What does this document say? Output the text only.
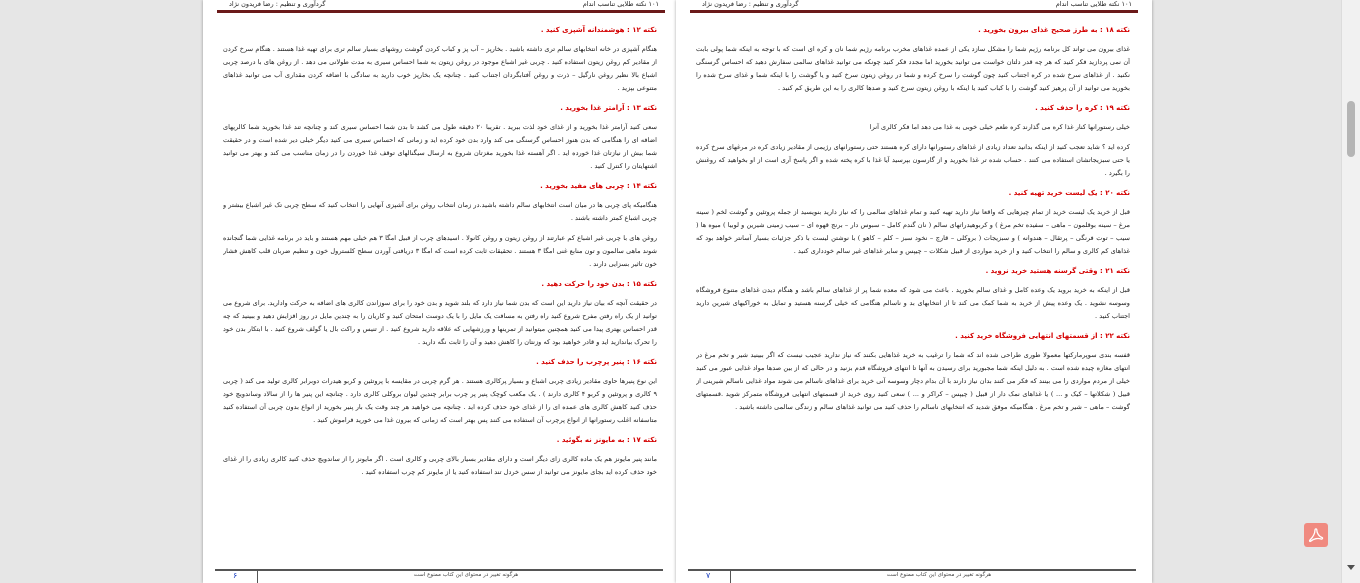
۱۰۱ نکته طلایی تناسب اندام
گردآوری و تنظیم : رضا فریدون نژاد
نکته ۱۲ : هوشمندانه آشپزی کنید .

هنگام آشپزی در خانه انتخابهای سالم تری داشته باشید . بخارپز – آب پز و کباب کردن گوشت روشهای بسیار سالم تری برای تهیه غذا هستند . هنگام سرخ کردن از مقادیر کم روغن زیتون استفاده کنید . چربی غیر اشباع موجود در روغن زیتون به شما احساس سیری به مدت طولانی می دهد . از روغن های با درصد چربی اشباع بالا نظیر روغن نارگیل – ذرت و روغن آفتابگردان اجتناب کنید . چنانچه یک بخارپز خوب دارید به سادگی با اضافه کردن مقداری آب می توانید غذاهای متنوعی بپزید .

نکته ۱۳ : آرامتر غذا بخورید .

سعی کنید آرامتر غذا بخورید و از غذای خود لذت ببرید . تقریبا ۲۰ دقیقه طول می کشد تا بدن شما احساس سیری کند و چنانچه تند غذا بخورید شما کالریهای اضافه ای را هنگامی که بدن هنوز احساس گرسنگی می کند وارد بدن خود کرده اید و زمانی که احساس سیری می کنید دیگر خیلی دیر شده است و در حقیقت شما بیش از نیازتان غذا خورده اید . اگر آهسته غذا بخورید مغزتان شروع به ارسال سیگنالهای توقف غذا خوردن را در زمان مناسب می کند و بهتر می توانید اشتهایتان را کنترل کنید .

نکته ۱۴ : چربی های مفید بخورید .

هنگامیکه پای چربی ها در میان است انتخابهای سالم داشته باشید.در زمان انتخاب روغن برای آشپزی آنهایی را انتخاب کنید که سطح چربی تک غیر اشباع بیشتر و چربی اشباع کمتر داشته باشند .

روغن های با چربی غیر اشباع کم عبارتند از روغن زیتون و روغن کانولا . اسیدهای چرب از قبیل امگا ۳ هم خیلی مهم هستند و باید در برنامه غذایی شما گنجانده شوند ماهی سالمون و تون منابع غنی امگا ۳ هستند . تحقیقات ثابت کرده است که امگا ۳ دریافتی آوردن سطح کلسترول خون و تنظیم ضربان قلب کاهش فشار خون تاثیر بسزایی دارند .

نکته ۱۵ : بدن خود را حرکت دهید .

در حقیقت آنچه که بیان نیاز دارید این است که بدن شما نیاز دارد که بلند شوید و بدن خود را برای سوزاندن کالری های اضافه به حرکت وادارید. برای شروع می توانید از یک راه رفتن مفرح شروع کنید راه رفتن به مسافت یک مایل را با یک دوست امتحان کنید و کاریان را به چندین مایل در روز افزایش دهید و ببینید که چه قدر احساس بهتری پیدا می کنید همچنین میتوانید از تمرینها و ورزشهایی که علاقه دارید شروع کنید . از تنیس و راکت بال یا گولف شروع کنید . با ابتکار بدن خود را تحرک بیاندازید اید و قادر خواهید بود که وزنتان را کاهش دهید و آن را ثابت نگه دارید .

نکته ۱۶ : پنیر پرچرب را حذف کنید .

این نوع پنیرها حاوی مقادیر زیادی چربی اشباع و بسیار پرکالری هستند . هر گرم چربی در مقایسه با پروتئین و کربو هیدرات دوبرابر کالری تولید می کند ( چربی ۹ کالری و پروتئین و کربو ۴ کالری دارند ) . یک مکعب کوچک پنیر پر چرب برابر چندین لیوان بروکلی کالری دارد . چنانچه این پنیر ها را از سالاد وساندویچ خود حذف کنید کاهش کالری های عمده ای را از غذای خود حذف کرده اید . چنانچه می خواهید هر چند وقت یک بار پنیر بخورید از انواع بدون چربی آن استفاده کنید متاسفانه اغلب رستورانها از انواع پرچرب آن استفاده می کنند پس بهتر است که زمانی که بیرون غذا می خورید فراموش کنید .

نکته ۱۷ : به مایونز نه بگوئید .

مانند پنیر مایونز هم یک ماده کالری زای دیگر است و دارای مقادیر بسیار بالای چربی و کالری است . اگر مایونز را از ساندویچ حذف کنید کالری زیادی را از غذای خود حذف کرده اید بجای مایونز می توانید از سس خردل تند استفاده کنید یا از مایونز کم چرب استفاده کنید .

۶	هرگونه تغییر در محتوای این کتاب ممنوع است
۱۰۱ نکته طلایی تناسب اندام
گردآوری و تنظیم : رضا فریدون نژاد
نکته ۱۸ : به طرز صحیح غذای بیرون بخورید .

غذای بیرون می تواند کل برنامه رژیم شما را مشکل سازد یکی از عمده غذاهای مخرب برنامه رژیم شما نان و کره ای است که با توجه به اینکه شما پولی بابت آن نمی پردازید فکر کنید که هر چه قدر دلتان خواست می توانید بخورید اما مجدد فکر کنید چونکه می توانید غذاهای سالمی سفارش دهید که احساس گرسنگی نکنید . از غذاهای سرخ شده در کره اجتناب کنید چون گوشت را سرخ کرده و شما در روغن زیتون سرخ کنید و یا گوشت را با اینکه شما و غذای سرخ شده را بخورید می توانید از آن پرهیز کنید گوشت را با کباب کنید یا اینکه با روغن زیتون سرخ کنید و صدها کالری را به این طریق کم کنید .

نکته ۱۹ : کره را حذف کنید .

خیلی رستورانها کنار غذا کره می گذارند کره طعم خیلی خوبی به غذا می دهد اما فکر کالری آنرا

کرده اید ؟ شاید تعجب کنید از اینکه بدانید تعداد زیادی از غذاهای رستورانها دارای کره هستند حتی رستورانهای رژیمی از مقادیر زیادی کره در مرغهای سرخ کرده یا حتی سبزیجاتشان استفاده می کنند . حساب شده تر غذا بخورید و از گارسون بپرسید آیا غذا با کره پخته شده و اگر پاسخ آری است از او بخواهید که روغنش را بگیرد .

نکته ۲۰ : یک لیست خرید تهیه کنید .

قبل از خرید یک لیست خرید از تمام چیزهایی که واقعا نیاز دارید تهیه کنید و تمام غذاهای سالمی را که نیاز دارید بنویسید از جمله پروتئین و گوشت لخم ( سینه مرغ – سینه بوقلمون – ماهی – سفیده تخم مرغ ) و کربوهیدراتهای سالم ( نان گندم کامل – سبوس دار – برنج قهوه ای – سیب زمینی شیرین و لوبیا ) میوه ها ( سیب – توت فرنگی – پرتقال – هندوانه ) و سبزیجات ( بروکلی – قارچ – نخود سبز – کلم – کاهو ) با نوشتن لیست با ذکر جزئیات بسیار آسانتر خواهد بود که غذاهای کم کالری و سالم را انتخاب کنید و از خرید مواردی از قبیل شکلات – چیپس و سایر غذاهای غیر سالم خودداری کنید .

نکته ۲۱ : وقتی گرسنه هستید خرید نروید .

قبل از اینکه به خرید بروید یک وعده کامل و غذای سالم بخورید . باعث می شود که معده شما پر از غذاهای سالم باشد و هنگام دیدن غذاهای متنوع فروشگاه وسوسه نشوید . یک وعده پیش از خرید به شما کمک می کند تا از انتخابهای بد و ناسالم هنگامی که خیلی گرسنه هستید و تمایل به خوراکیهای شیرین دارید اجتناب کنید .

نکته ۲۲ : از قسمتهای انتهایی فروشگاه خرید کنید .

قفسه بندی سوپرمارکتها معمولا طوری طراحی شده اند که شما را ترغیب به خرید غذاهایی بکنند که نیاز ندارید عجیب نیست که اگر ببینید شیر و تخم مرغ در انتهای مغازه چیده شده است . به دلیل اینکه شما مجبورید برای رسیدن به آنها تا انتهای فروشگاه قدم بزنید و در حالی که از بین صدها مواد غذایی عبور می کنید خیلی از مردم مواردی را می بینند که فکر می کنند بدان نیاز دارند با آن بدام دچار وسوسه آنی خرید برای غذاهای ناسالم می شوند مواد غذایی ناسالم شیرینی از قبیل ( شکلاتها – کیک و ... ) یا غذاهای نمک دار از قبیل ( چیپس – کراکر و ... ) سعی کنید روی خرید از قسمتهای انتهایی فروشگاه متمرکز شوید .قسمتهای گوشت – ماهی – شیر و تخم مرغ . هنگامیکه موفق شدید که انتخابهای ناسالم را حذف کنید می توانید غذاهای سالم و زندگی سالمی داشته باشید .

۷	هرگونه تغییر در محتوای این کتاب ممنوع است
